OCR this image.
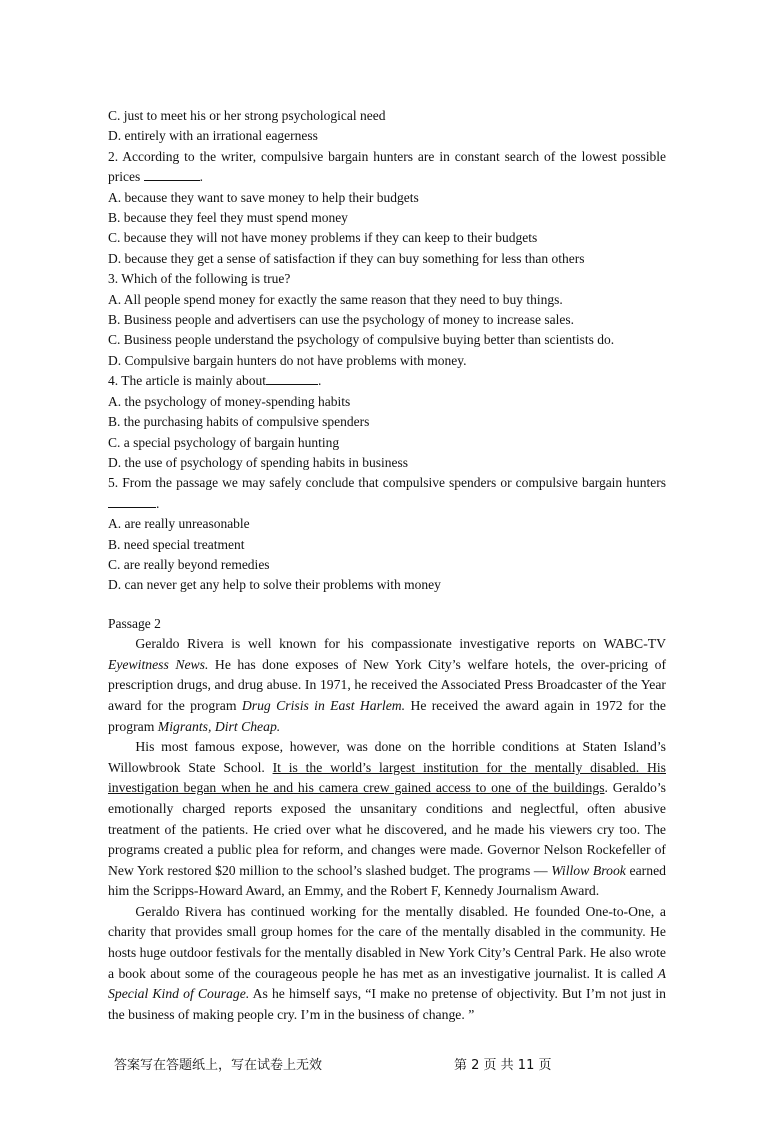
C. just to meet his or her strong psychological need

D. entirely with an irrational eagerness

2. According to the writer, compulsive bargain hunters are in constant search of the lowest possible prices	.

A. because they want to save money to help their budgets

B. because they feel they must spend money

C. because they will not have money problems if they can keep to their budgets

D. because they get a sense of satisfaction if they can buy something for less than others

3. Which of the following is true?

A. All people spend money for exactly the same reason that they need to buy things.

B. Business people and advertisers can use the psychology of money to increase sales.

C. Business people understand the psychology of compulsive buying better than scientists do.

D. Compulsive bargain hunters do not have problems with money.

4. The article is mainly about	.

A. the psychology of money-spending habits

B. the purchasing habits of compulsive spenders

C. a special psychology of bargain hunting

D. the use of psychology of spending habits in business

5. From the passage we may safely conclude that compulsive spenders or compulsive bargain hunters.

A. are really unreasonable

B. need special treatment

C. are really beyond remedies

D. can never get any help to solve their problems with money

Passage 2

Geraldo Rivera is well known for his compassionate investigative reports on WABC-TV Eyewitness News. He has done exposes of New York City’s welfare hotels, the over-pricing of prescription drugs, and drug abuse. In 1971, he received the Associated Press Broadcaster of the Year award for the program Drug Crisis in East Harlem. He received the award again in 1972 for the program Migrants, Dirt Cheap.

His most famous expose, however, was done on the horrible conditions at Staten Island’s Willowbrook State School. It is the world’s largest institution for the mentally disabled. His investigation began when he and his camera crew gained access to one of the buildings. Geraldo’s emotionally charged reports exposed the unsanitary conditions and neglectful, often abusive treatment of the patients. He cried over what he discovered, and he made his viewers cry too. The programs created a public plea for reform, and changes were made. Governor Nelson Rockefeller of New York restored $20 million to the school’s slashed budget. The programs — Willow Brook earned him the Scripps-Howard Award, an Emmy, and the Robert F, Kennedy Journalism Award.

Geraldo Rivera has continued working for the mentally disabled. He founded One-to-One, a charity that provides small group homes for the care of the mentally disabled in the community. He hosts huge outdoor festivals for the mentally disabled in New York City’s Central Park. He also wrote a book about some of the courageous people he has met as an investigative journalist. It is called A Special Kind of Courage. As he himself says, “I make no pretense of objectivity. But I’m not just in the business of making people cry. I’m in the business of change. ”

答案写在答题纸上，写在试卷上无效	第 2 页 共 11 页
